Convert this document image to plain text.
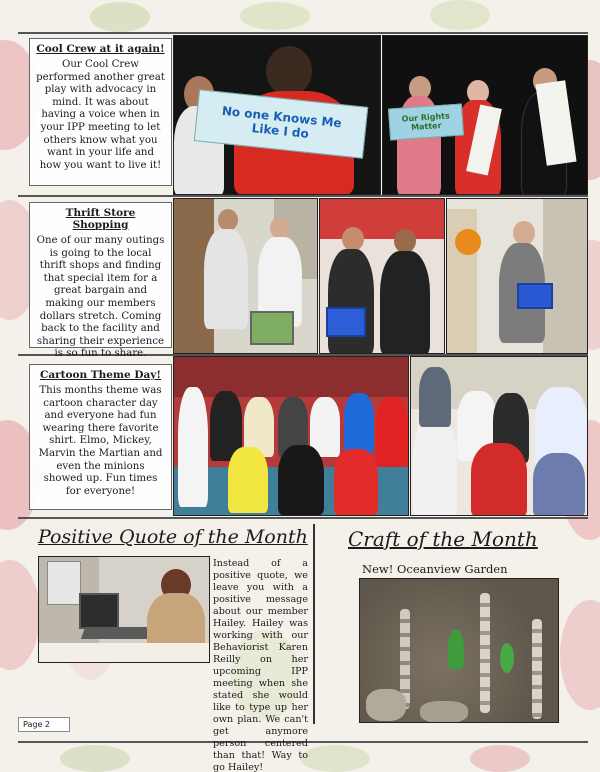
Cool Crew at it again!

Our Cool Crew performed another great play with advocacy in mind. It was about having a voice when in your IPP meeting to let others know what you want in your life and how you want to live it!

No one Knows Me Like I do
Our Rights Matter
Thrift Store Shopping

One of our many outings is going to the local thrift shops and finding that special item for a great bargain and making our members dollars stretch. Coming back to the facility and sharing their experience is so fun to share.

Cartoon Theme Day!

This months theme was cartoon character day and everyone had fun wearing there favorite shirt. Elmo, Mickey, Marvin the Martian and even the minions showed up. Fun times for everyone!

Positive Quote of the Month
Instead of a positive quote, we leave you with a positive message about our member Hailey. Hailey was working with our Behaviorist Karen Reilly on her upcoming IPP meeting when she stated she would like to type up her own plan. We can't get anymore person centered than that! Way to go Hailey!
Craft of the Month
New! Oceanview Garden
Page 2
